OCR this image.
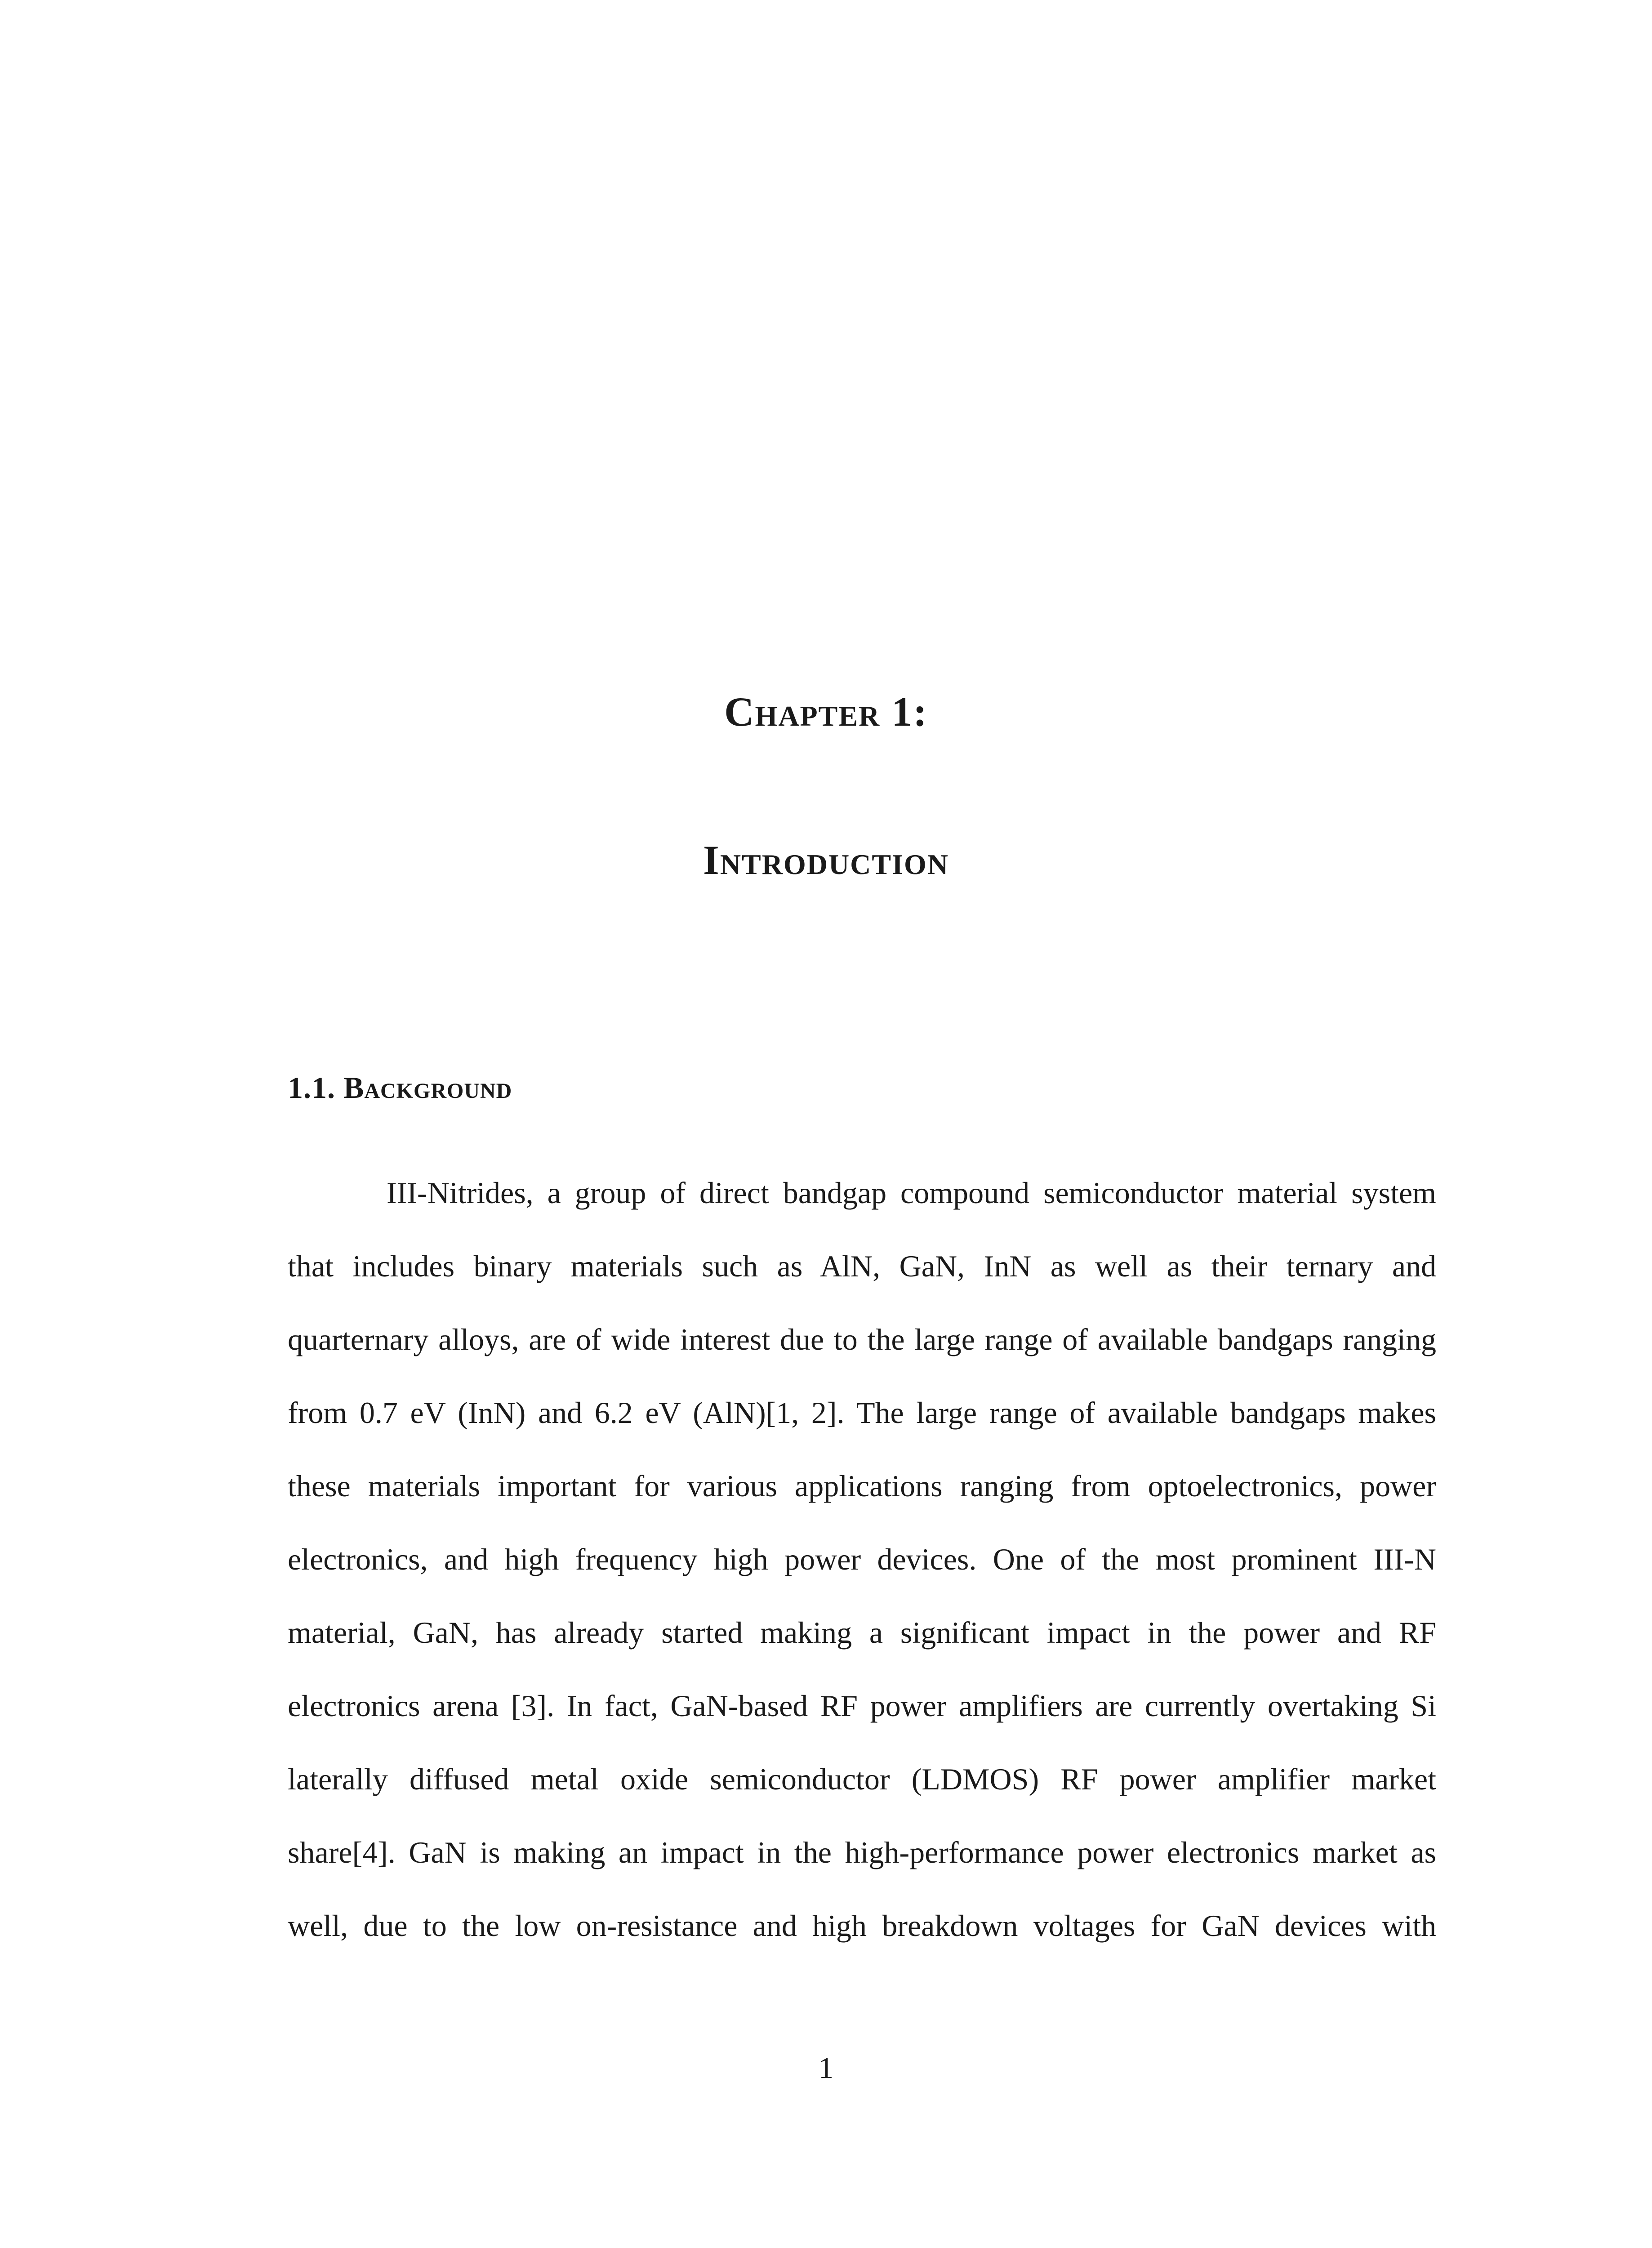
Chapter 1:
Introduction
1.1. Background
III-Nitrides, a group of direct bandgap compound semiconductor material system
that includes binary materials such as AlN, GaN, InN as well as their ternary and
quarternary alloys, are of wide interest due to the large range of available bandgaps ranging
from 0.7 eV (InN) and 6.2 eV (AlN)[1, 2]. The large range of available bandgaps makes
these materials important for various applications ranging from optoelectronics, power
electronics, and high frequency high power devices. One of the most prominent III-N
material, GaN, has already started making a significant impact in the power and RF
electronics arena [3]. In fact, GaN-based RF power amplifiers are currently overtaking Si
laterally diffused metal oxide semiconductor (LDMOS) RF power amplifier market
share[4]. GaN is making an impact in the high-performance power electronics market as
well, due to the low on-resistance and high breakdown voltages for GaN devices with
1
